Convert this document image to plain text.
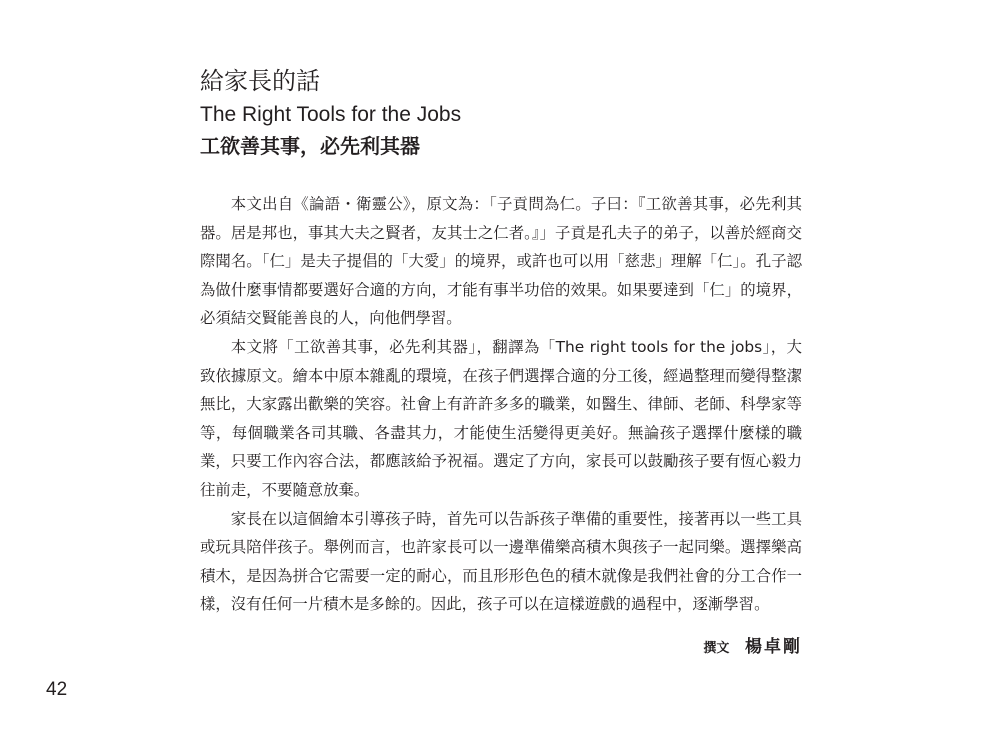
給家長的話
The Right Tools for the Jobs
工欲善其事，必先利其器

本文出自《論語・衛靈公》，原文為：「子貢問為仁。子曰：『工欲善其事，必先利其器。居是邦也，事其大夫之賢者，友其士之仁者。』」子貢是孔夫子的弟子，以善於經商交際聞名。「仁」是夫子提倡的「大愛」的境界，或許也可以用「慈悲」理解「仁」。孔子認為做什麼事情都要選好合適的方向，才能有事半功倍的效果。如果要達到「仁」的境界，必須結交賢能善良的人，向他們學習。

本文將「工欲善其事，必先利其器」，翻譯為「The right tools for the jobs」，大致依據原文。繪本中原本雜亂的環境，在孩子們選擇合適的分工後，經過整理而變得整潔無比，大家露出歡樂的笑容。社會上有許許多多的職業，如醫生、律師、老師、科學家等等，每個職業各司其職、各盡其力，才能使生活變得更美好。無論孩子選擇什麼樣的職業，只要工作內容合法，都應該給予祝福。選定了方向，家長可以鼓勵孩子要有恆心毅力往前走，不要隨意放棄。

家長在以這個繪本引導孩子時，首先可以告訴孩子準備的重要性，接著再以一些工具或玩具陪伴孩子。舉例而言，也許家長可以一邊準備樂高積木與孩子一起同樂。選擇樂高積木，是因為拼合它需要一定的耐心，而且形形色色的積木就像是我們社會的分工合作一樣，沒有任何一片積木是多餘的。因此，孩子可以在這樣遊戲的過程中，逐漸學習。

撰文 楊卓剛
42
